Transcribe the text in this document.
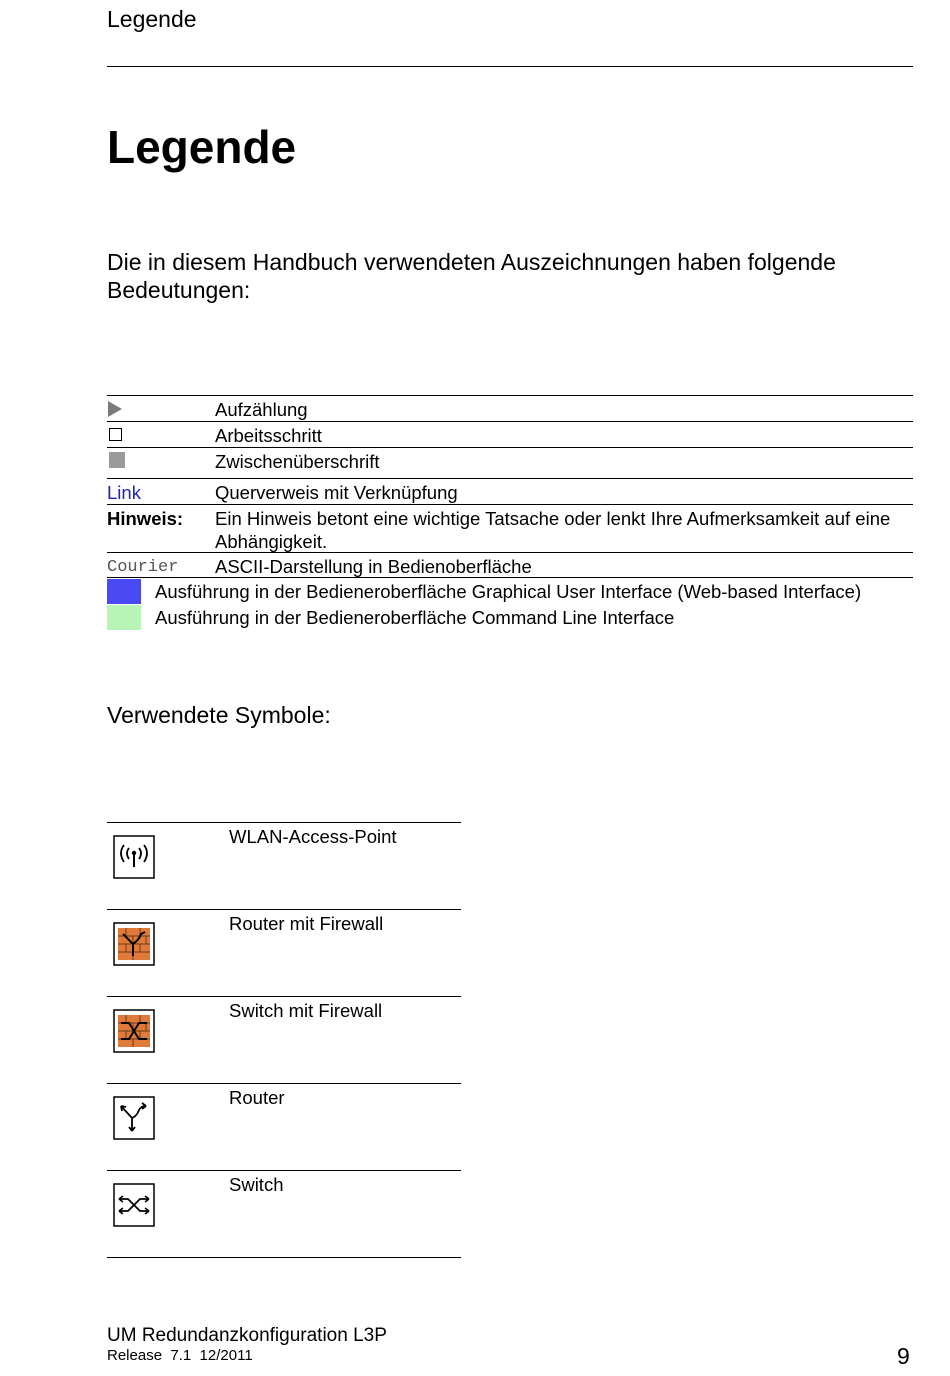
Legende
Legende

Die in diesem Handbuch verwendeten Auszeichnungen haben folgende Bedeutungen:

Aufzählung
Arbeitsschritt
Zwischenüberschrift
Link	Querverweis mit Verknüpfung
Hinweis: Ein Hinweis betont eine wichtige Tatsache oder lenkt Ihre Aufmerksamkeit auf eine Abhängigkeit.
Courier ASCII-Darstellung in Bedienoberfläche
Ausführung in der Bedieneroberfläche Graphical User Interface (Web-based Interface)
Ausführung in der Bedieneroberfläche Command Line Interface
Verwendete Symbole:
WLAN-Access-Point
Router mit Firewall
Switch mit Firewall
Router
Switch
UM Redundanzkonfiguration L3P
Release  7.1  12/2011	9
